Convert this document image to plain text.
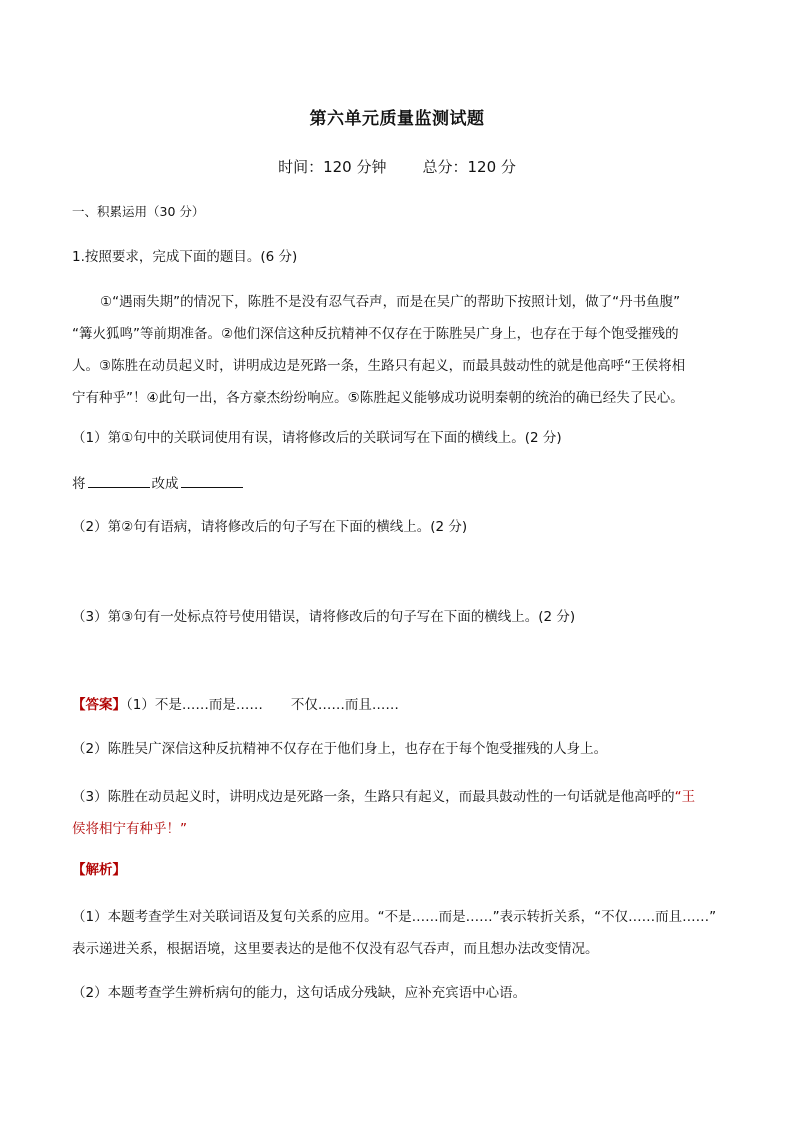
第六单元质量监测试题
时间：120 分钟 总分：120 分
一、积累运用（30 分）
1.按照要求，完成下面的题目。(6 分)
①“遇雨失期”的情况下，陈胜不是没有忍气吞声，而是在吴广的帮助下按照计划，做了“丹书鱼腹”
“篝火狐鸣”等前期准备。②他们深信这种反抗精神不仅存在于陈胜吴广身上，也存在于每个饱受摧残的
人。③陈胜在动员起义时，讲明成边是死路一条，生路只有起义，而最具鼓动性的就是他高呼“王侯将相
宁有种乎”！④此句一出，各方豪杰纷纷响应。⑤陈胜起义能够成功说明秦朝的统治的确已经失了民心。
（1）第①句中的关联词使用有误，请将修改后的关联词写在下面的横线上。(2 分)
将	改成
（2）第②句有语病，请将修改后的句子写在下面的横线上。(2 分)
（3）第③句有一处标点符号使用错误，请将修改后的句子写在下面的横线上。(2 分)
【答案】（1）不是……而是…… 不仅……而且……
（2）陈胜吴广深信这种反抗精神不仅存在于他们身上，也存在于每个饱受摧残的人身上。
（3）陈胜在动员起义时，讲明戍边是死路一条，生路只有起义，而最具鼓动性的一句话就是他高呼的“王
侯将相宁有种乎！”
【解析】
（1）本题考查学生对关联词语及复句关系的应用。“不是……而是……”表示转折关系，“不仅……而且……”
表示递进关系，根据语境，这里要表达的是他不仅没有忍气吞声，而且想办法改变情况。
（2）本题考查学生辨析病句的能力，这句话成分残缺，应补充宾语中心语。
